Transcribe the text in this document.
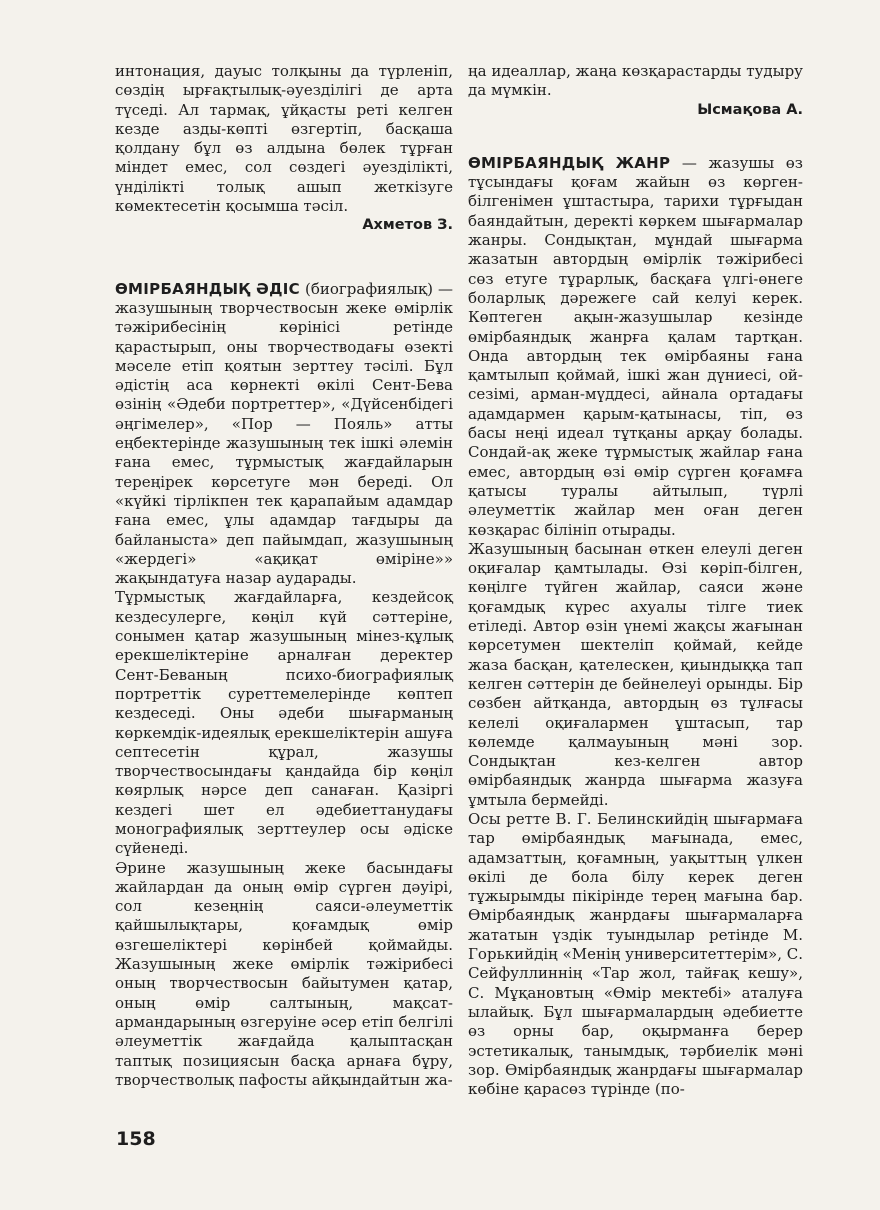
интонация, дауыс толқыны да түрленiп, сөздiң ырғақтылық-әуездiлiгi де арта түседi. Ал тармақ, ұйқасты ретi келген кезде азды-көптi өзгертiп, басқаша қолдану бұл өз алдына бөлек тұрған мiндет емес, сол сөздегi әуездiлiктi, үндiлiктi толық ашып жеткiзуге көмектесетiн қосымша тәсiл.

Ахметов З.

ӨМIРБАЯНДЫҚ ӘДIС (биографиялық) — жазушының творчествосын жеке өмiрлiк тәжiрибесiнiң көрiнiсi ретiнде қарастырып, оны творчестводағы өзектi мәселе етiп қоятын зерттеу тәсiлi. Бұл әдiстiң аса көрнектi өкiлi Сент-Бева өзiнiң «Әдеби портреттер», «Дүйсенбiдегi әңгiмелер», «Пор — Пояль» атты еңбектерiнде жазушының тек iшкi әлемiн ғана емес, тұрмыстық жағдайларын тереңiрек көрсетуге мән бередi. Ол «күйкi тiрлiкпен тек қарапайым адамдар ғана емес, ұлы адамдар тағдыры да байланыста» деп пайымдап, жазушының «жердегi» «ақиқат өмiрiне»» жақындатуға назар аударады.

Тұрмыстық жағдайларға, кездейсоқ кездесулерге, көңiл күй сәттерiне, сонымен қатар жазушының мiнез-құлық ерекшелiктерiне арналған деректер Сент-Беваның психо-биографиялық портреттiк суреттемелерiнде көптеп кездеседi. Оны әдеби шығарманың көркемдiк-идеялық ерекшелiктерiн ашуға септесетiн құрал, жазушы творчествосындағы қандайда бiр көңiл көярлық нәрсе деп санаған. Қазiргi кездегi шет ел әдебиеттанудағы монографиялық зерттеулер осы әдiске сүйенедi.

Әрине жазушының жеке басындағы жайлардан да оның өмiр сүрген дәуiрi, сол кезеңнiң саяси-әлеуметтiк қайшылықтары, қоғамдық өмiр өзгешелiктерi көрiнбей қоймайды. Жазушының жеке өмiрлiк тәжiрибесi оның творчествосын байытумен қатар, оның өмiр салтының, мақсат-армандарының өзгеруiне әсер етiп белгiлi әлеуметтiк жағдайда қалыптасқан таптық позициясын басқа арнаға бұру, творчестволық пафосты айқындайтын жа-

ңа идеаллар, жаңа көзқарастарды тудыру да мүмкiн.

Ысмақова А.

ӨМIРБАЯНДЫҚ ЖАНР — жазушы өз тұсындағы қоғам жайын өз көрген-бiлгенiмен ұштастыра, тарихи тұрғыдан баяндайтын, деректi көркем шығармалар жанры. Сондықтан, мұндай шығарма жазатын автордың өмiрлiк тәжiрибесi сөз етуге тұрарлық, басқаға үлгi-өнеге боларлық дәрежеге сай келуi керек. Көптеген ақын-жазушылар кезiнде өмiрбаяндық жанрға қалам тартқан. Онда автордың тек өмiрбаяны ғана қамтылып қоймай, iшкi жан дүниесi, ой-сезiмi, арман-мүддесi, айнала ортадағы адамдармен қарым-қатынасы, тiп, өз басы неңi идеал тұтқаны арқау болады. Сондай-ақ жеке тұрмыстық жайлар ғана емес, автордың өзi өмiр сүрген қоғамға қатысы туралы айтылып, түрлi әлеуметтiк жайлар мен оған деген көзқарас бiлiнiп отырады.

Жазушының басынан өткен елеулi деген оқиғалар қамтылады. Өзi көрiп-бiлген, көңiлге түйген жайлар, саяси және қоғамдық күрес ахуалы тiлге тиек етiледi. Автор өзiн үнемi жақсы жағынан көрсетумен шектелiп қоймай, кейде жаза басқан, қателескен, қиындыққа тап келген сәттерiн де бейнелеуi орынды. Бiр сөзбен айтқанда, автордың өз тұлғасы келелi оқиғалармен ұштасып, тар көлемде қалмауының мәнi зор. Сондықтан кез-келген автор өмiрбаяндық жанрда шығарма жазуға ұмтыла бермейдi.

Осы ретте В. Г. Белинскийдiң шығармаға тар өмiрбаяндық мағынада, емес, адамзаттың, қоғамның, уақыттың үлкен өкiлi де бола бiлу керек деген тұжырымды пiкiрiнде терең мағына бар. Өмiрбаяндық жанрдағы шығармаларға жататын үздiк туындылар ретiнде М. Горькийдiң «Менiң университеттерiм», С. Сейфуллиннiң «Тар жол, тайғақ кешу», С. Мұқановтың «Өмiр мектебi» аталуға ылайық. Бұл шығармалардың әдебиетте өз орны бар, оқырманға берер эстетикалық, танымдық, тәрбиелiк мәнi зор. Өмiрбаяндық жанрдағы шығармалар көбiне қарасөз түрiнде (по-

158
